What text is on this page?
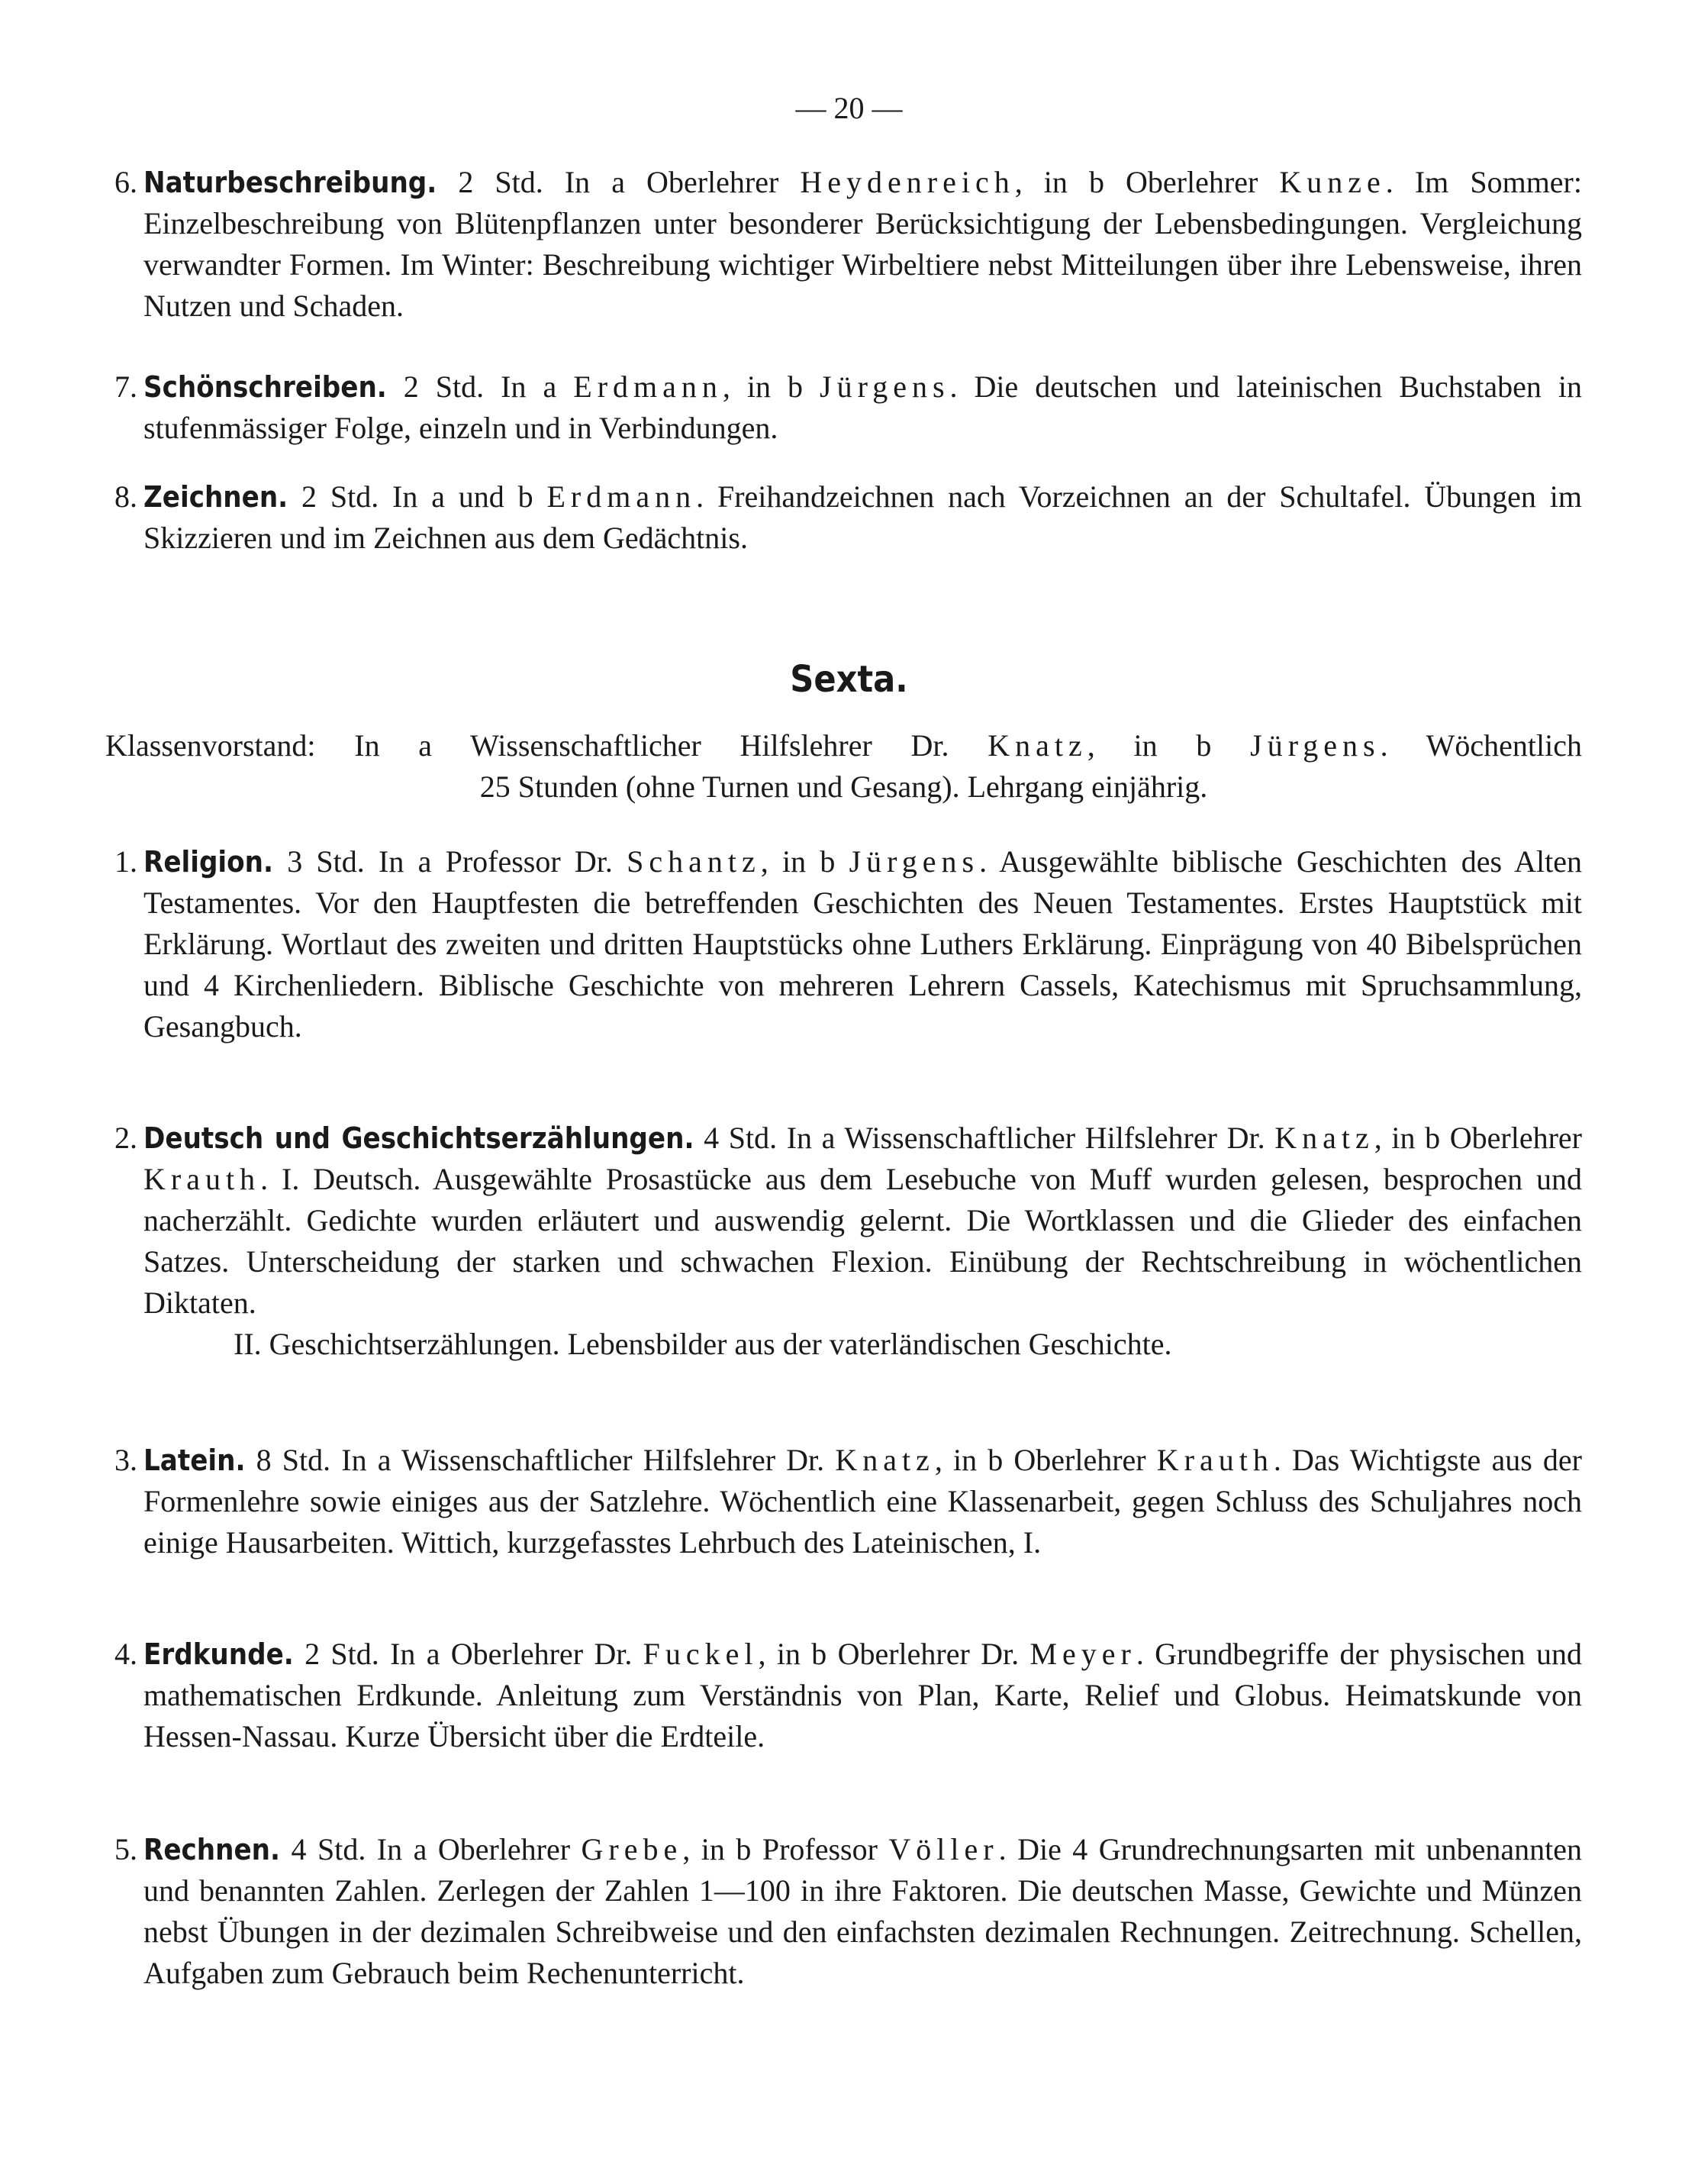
— 20 —
6. Naturbeschreibung. 2 Std. In a Oberlehrer Heydenreich, in b Oberlehrer Kunze. Im Sommer: Einzelbeschreibung von Blütenpflanzen unter besonderer Berücksichtigung der Lebensbedingungen. Vergleichung verwandter Formen. Im Winter: Beschreibung wichtiger Wirbeltiere nebst Mitteilungen über ihre Lebensweise, ihren Nutzen und Schaden.
7. Schönschreiben. 2 Std. In a Erdmann, in b Jürgens. Die deutschen und lateinischen Buchstaben in stufenmässiger Folge, einzeln und in Verbindungen.
8. Zeichnen. 2 Std. In a und b Erdmann. Freihandzeichnen nach Vorzeichnen an der Schultafel. Übungen im Skizzieren und im Zeichnen aus dem Gedächtnis.
Sexta.
Klassenvorstand: In a Wissenschaftlicher Hilfslehrer Dr. Knatz, in b Jürgens. Wöchentlich
25 Stunden (ohne Turnen und Gesang). Lehrgang einjährig.
1. Religion. 3 Std. In a Professor Dr. Schantz, in b Jürgens. Ausgewählte biblische Geschichten des Alten Testamentes. Vor den Hauptfesten die betreffenden Geschichten des Neuen Testamentes. Erstes Hauptstück mit Erklärung. Wortlaut des zweiten und dritten Hauptstücks ohne Luthers Erklärung. Einprägung von 40 Bibelsprüchen und 4 Kirchenliedern. Biblische Geschichte von mehreren Lehrern Cassels, Katechismus mit Spruchsammlung, Gesangbuch.
2. Deutsch und Geschichtserzählungen. 4 Std. In a Wissenschaftlicher Hilfslehrer Dr. Knatz, in b Oberlehrer Krauth. I. Deutsch. Ausgewählte Prosastücke aus dem Lesebuche von Muff wurden gelesen, besprochen und nacherzählt. Gedichte wurden erläutert und auswendig gelernt. Die Wortklassen und die Glieder des einfachen Satzes. Unterscheidung der starken und schwachen Flexion. Einübung der Rechtschreibung in wöchentlichen Diktaten.
II. Geschichtserzählungen. Lebensbilder aus der vaterländischen Geschichte.
3. Latein. 8 Std. In a Wissenschaftlicher Hilfslehrer Dr. Knatz, in b Oberlehrer Krauth. Das Wichtigste aus der Formenlehre sowie einiges aus der Satzlehre. Wöchentlich eine Klassenarbeit, gegen Schluss des Schuljahres noch einige Hausarbeiten. Wittich, kurzgefasstes Lehrbuch des Lateinischen, I.
4. Erdkunde. 2 Std. In a Oberlehrer Dr. Fuckel, in b Oberlehrer Dr. Meyer. Grundbegriffe der physischen und mathematischen Erdkunde. Anleitung zum Verständnis von Plan, Karte, Relief und Globus. Heimatskunde von Hessen-Nassau. Kurze Übersicht über die Erdteile.
5. Rechnen. 4 Std. In a Oberlehrer Grebe, in b Professor Völler. Die 4 Grundrechnungsarten mit unbenannten und benannten Zahlen. Zerlegen der Zahlen 1—100 in ihre Faktoren. Die deutschen Masse, Gewichte und Münzen nebst Übungen in der dezimalen Schreibweise und den einfachsten dezimalen Rechnungen. Zeitrechnung. Schellen, Aufgaben zum Gebrauch beim Rechenunterricht.
